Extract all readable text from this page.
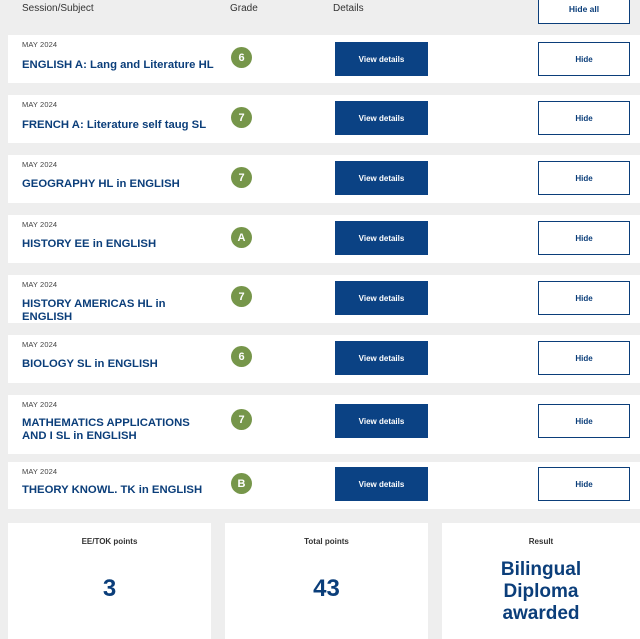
Session/Subject	Grade	Details	Hide all
MAY 2024
ENGLISH A: Lang and Literature HL
6	View details	Hide
MAY 2024
FRENCH A: Literature self taug SL
7	View details	Hide
MAY 2024
GEOGRAPHY HL in ENGLISH
7	View details	Hide
MAY 2024
HISTORY EE in ENGLISH
A	View details	Hide
MAY 2024
HISTORY AMERICAS HL in ENGLISH
7	View details	Hide
MAY 2024
BIOLOGY SL in ENGLISH
6	View details	Hide
MAY 2024
MATHEMATICS APPLICATIONS AND I SL in ENGLISH
7	View details	Hide
MAY 2024
THEORY KNOWL. TK in ENGLISH
B	View details	Hide
EE/TOK points
3
Total points
43
Result
Bilingual
Diploma
awarded
